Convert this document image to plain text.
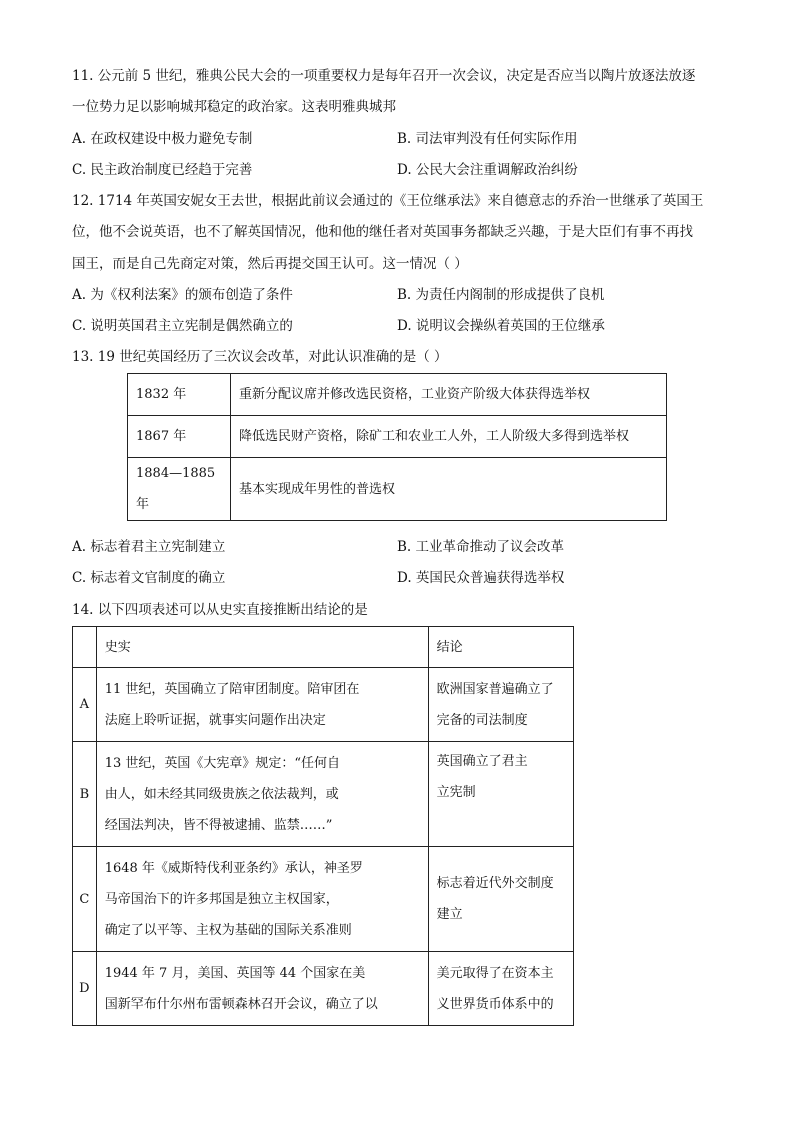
11. 公元前 5 世纪，雅典公民大会的一项重要权力是每年召开一次会议，决定是否应当以陶片放逐法放逐
一位势力足以影响城邦稳定的政治家。这表明雅典城邦
A. 在政权建设中极力避免专制	B. 司法审判没有任何实际作用
C. 民主政治制度已经趋于完善	D. 公民大会注重调解政治纠纷
12. 1714 年英国安妮女王去世，根据此前议会通过的《王位继承法》来自德意志的乔治一世继承了英国王
位，他不会说英语，也不了解英国情况，他和他的继任者对英国事务都缺乏兴趣，于是大臣们有事不再找
国王，而是自己先商定对策，然后再提交国王认可。这一情况（ ）
A. 为《权利法案》的颁布创造了条件	B. 为责任内阁制的形成提供了良机
C. 说明英国君主立宪制是偶然确立的	D. 说明议会操纵着英国的王位继承
13. 19 世纪英国经历了三次议会改革，对此认识准确的是（ ）
1832 年	重新分配议席并修改选民资格，工业资产阶级大体获得选举权
1867 年	降低选民财产资格，除矿工和农业工人外，工人阶级大多得到选举权
1884—1885 年	基本实现成年男性的普选权
A. 标志着君主立宪制建立	B. 工业革命推动了议会改革
C. 标志着文官制度的确立	D. 英国民众普遍获得选举权
14. 以下四项表述可以从史实直接推断出结论的是
	史实	结论
A	11 世纪，英国确立了陪审团制度。陪审团在
法庭上聆听证据，就事实问题作出决定	欧洲国家普遍确立了
完备的司法制度

B	13 世纪，英国《大宪章》规定：“任何自
由人，如未经其同级贵族之依法裁判，或
经国法判决，皆不得被逮捕、监禁……”	英国确立了君主
立宪制

C	1648 年《威斯特伐利亚条约》承认，神圣罗
马帝国治下的许多邦国是独立主权国家，
确定了以平等、主权为基础的国际关系准则	标志着近代外交制度
建立

D	1944 年 7 月，美国、英国等 44 个国家在美
国新罕布什尔州布雷顿森林召开会议，确立了以	美元取得了在资本主
义世界货币体系中的
